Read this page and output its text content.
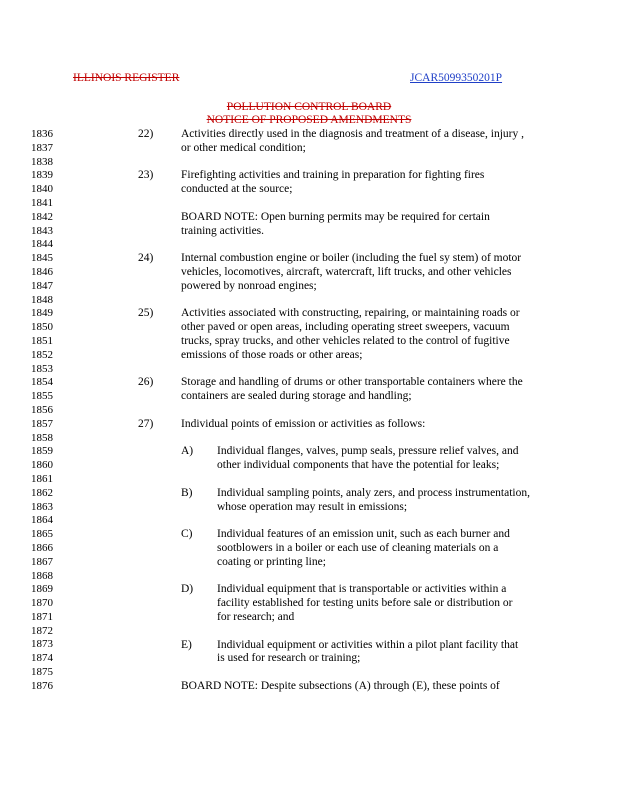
ILLINOIS REGISTER	JCAR5099350201P
POLLUTION CONTROL BOARD
NOTICE OF PROPOSED AMENDMENTS
1836
1837
1838
1839
1840
1841
1842
1843
1844
1845
1846
1847
1848
1849
1850
1851
1852
1853
1854
1855
1856
1857
1858
1859
1860
1861
1862
1863
1864
1865
1866
1867
1868
1869
1870
1871
1872
1873
1874
1875
1876
22) Activities directly used in the diagnosis and treatment of a disease, injury ,
or other medical condition;
23) Firefighting activities and training in preparation for fighting fires
conducted at the source;
BOARD NOTE: Open burning permits may be required for certain
training activities.
24) Internal combustion engine or boiler (including the fuel sy stem) of motor
vehicles, locomotives, aircraft, watercraft, lift trucks, and other vehicles
powered by nonroad engines;
25) Activities associated with constructing, repairing, or maintaining roads or
other paved or open areas, including operating street sweepers, vacuum
trucks, spray trucks, and other vehicles related to the control of fugitive
emissions of those roads or other areas;
26) Storage and handling of drums or other transportable containers where the
containers are sealed during storage and handling;
27) Individual points of emission or activities as follows:
A) Individual flanges, valves, pump seals, pressure relief valves, and
other individual components that have the potential for leaks;
B) Individual sampling points, analy zers, and process instrumentation,
whose operation may result in emissions;
C) Individual features of an emission unit, such as each burner and
sootblowers in a boiler or each use of cleaning materials on a
coating or printing line;
D) Individual equipment that is transportable or activities within a
facility established for testing units before sale or distribution or
for research; and
E) Individual equipment or activities within a pilot plant facility that
is used for research or training;
BOARD NOTE: Despite subsections (A) through (E), these points of
